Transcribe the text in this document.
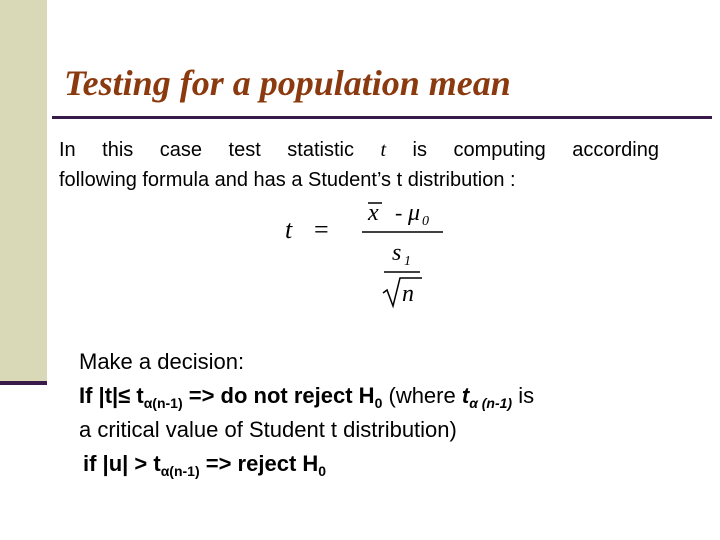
Testing for a population mean
In this case test statistic t is computing according
following formula and has a Student’s t distribution :
t =
x - μ 0
s 1
n
Make a decision:
If $|t|\le t_{\alpha(n-1)}$ => do not reject $H_0$ (where $t_{\alpha (n-1)}$ is
a critical value of Student t distribution)
if $|u| > t_{\alpha(n-1)}$ => reject $H_0$
